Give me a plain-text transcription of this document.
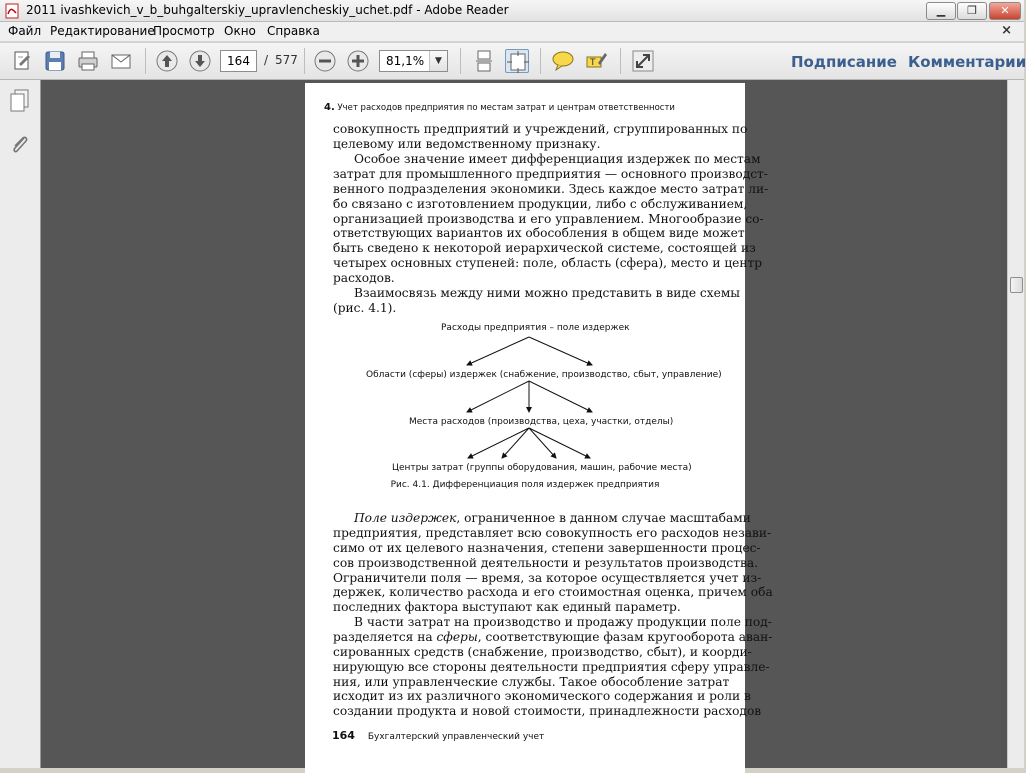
2011 ivashkevich_v_b_buhgalterskiy_upravlencheskiy_uchet.pdf - Adobe Reader	▁	❐	✕
Файл Редактирование
Просмотр Окно Справка	×
164	/ 577	81,1%	▼	T	Подписание Комментарии
4. Учет расходов предприятия по местам затрат и центрам ответственности
совокупность предприятий и учреждений, сгруппированных по
целевому или ведомственному признаку.
Особое значение имеет дифференциация издержек по местам
затрат для промышленного предприятия — основного производст-
венного подразделения экономики. Здесь каждое место затрат ли-
бо связано с изготовлением продукции, либо с обслуживанием,
организацией производства и его управлением. Многообразие со-
ответствующих вариантов их обособления в общем виде может
быть сведено к некоторой иерархической системе, состоящей из
четырех основных ступеней: поле, область (сфера), место и центр
расходов.
Взаимосвязь между ними можно представить в виде схемы
(рис. 4.1).
Расходы предприятия – поле издержек
Области (сферы) издержек (снабжение, производство, сбыт, управление)
Места расходов (производства, цеха, участки, отделы)
Центры затрат (группы оборудования, машин, рабочие места)
Рис. 4.1. Дифференциация поля издержек предприятия
Поле издержек, ограниченное в данном случае масштабами
предприятия, представляет всю совокупность его расходов незави-
симо от их целевого назначения, степени завершенности процес-
сов производственной деятельности и результатов производства.
Ограничители поля — время, за которое осуществляется учет из-
держек, количество расхода и его стоимостная оценка, причем оба
последних фактора выступают как единый параметр.
В части затрат на производство и продажу продукции поле под-
разделяется на сферы, соответствующие фазам кругооборота аван-
сированных средств (снабжение, производство, сбыт), и коорди-
нирующую все стороны деятельности предприятия сферу управле-
ния, или управленческие службы. Такое обособление затрат
исходит из их различного экономического содержания и роли в
создании продукта и новой стоимости, принадлежности расходов
164 Бухгалтерский управленческий учет
